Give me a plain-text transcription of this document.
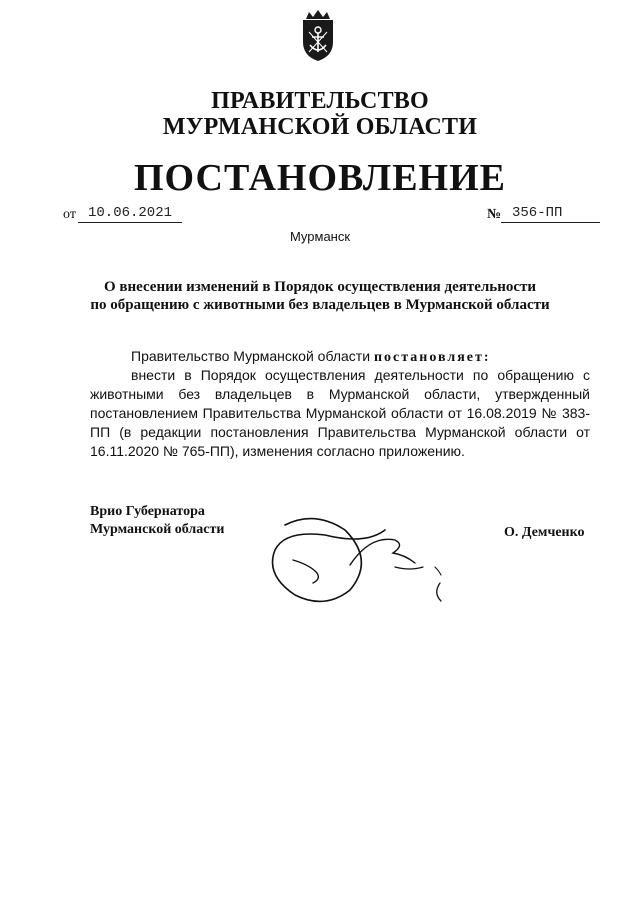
ПРАВИТЕЛЬСТВО
МУРМАНСКОЙ ОБЛАСТИ
ПОСТАНОВЛЕНИЕ
от 10.06.2021	№ 356-ПП
Мурманск
О внесении изменений в Порядок осуществления деятельности
по обращению с животными без владельцев в Мурманской области
Правительство Мурманской области постановляет:
внести в Порядок осуществления деятельности по обращению с животными без владельцев в Мурманской области, утвержденный постановлением Правительства Мурманской области от 16.08.2019 № 383-ПП (в редакции постановления Правительства Мурманской области от 16.11.2020 № 765-ПП), изменения согласно приложению.
Врио Губернатора
Мурманской области	О. Демченко
